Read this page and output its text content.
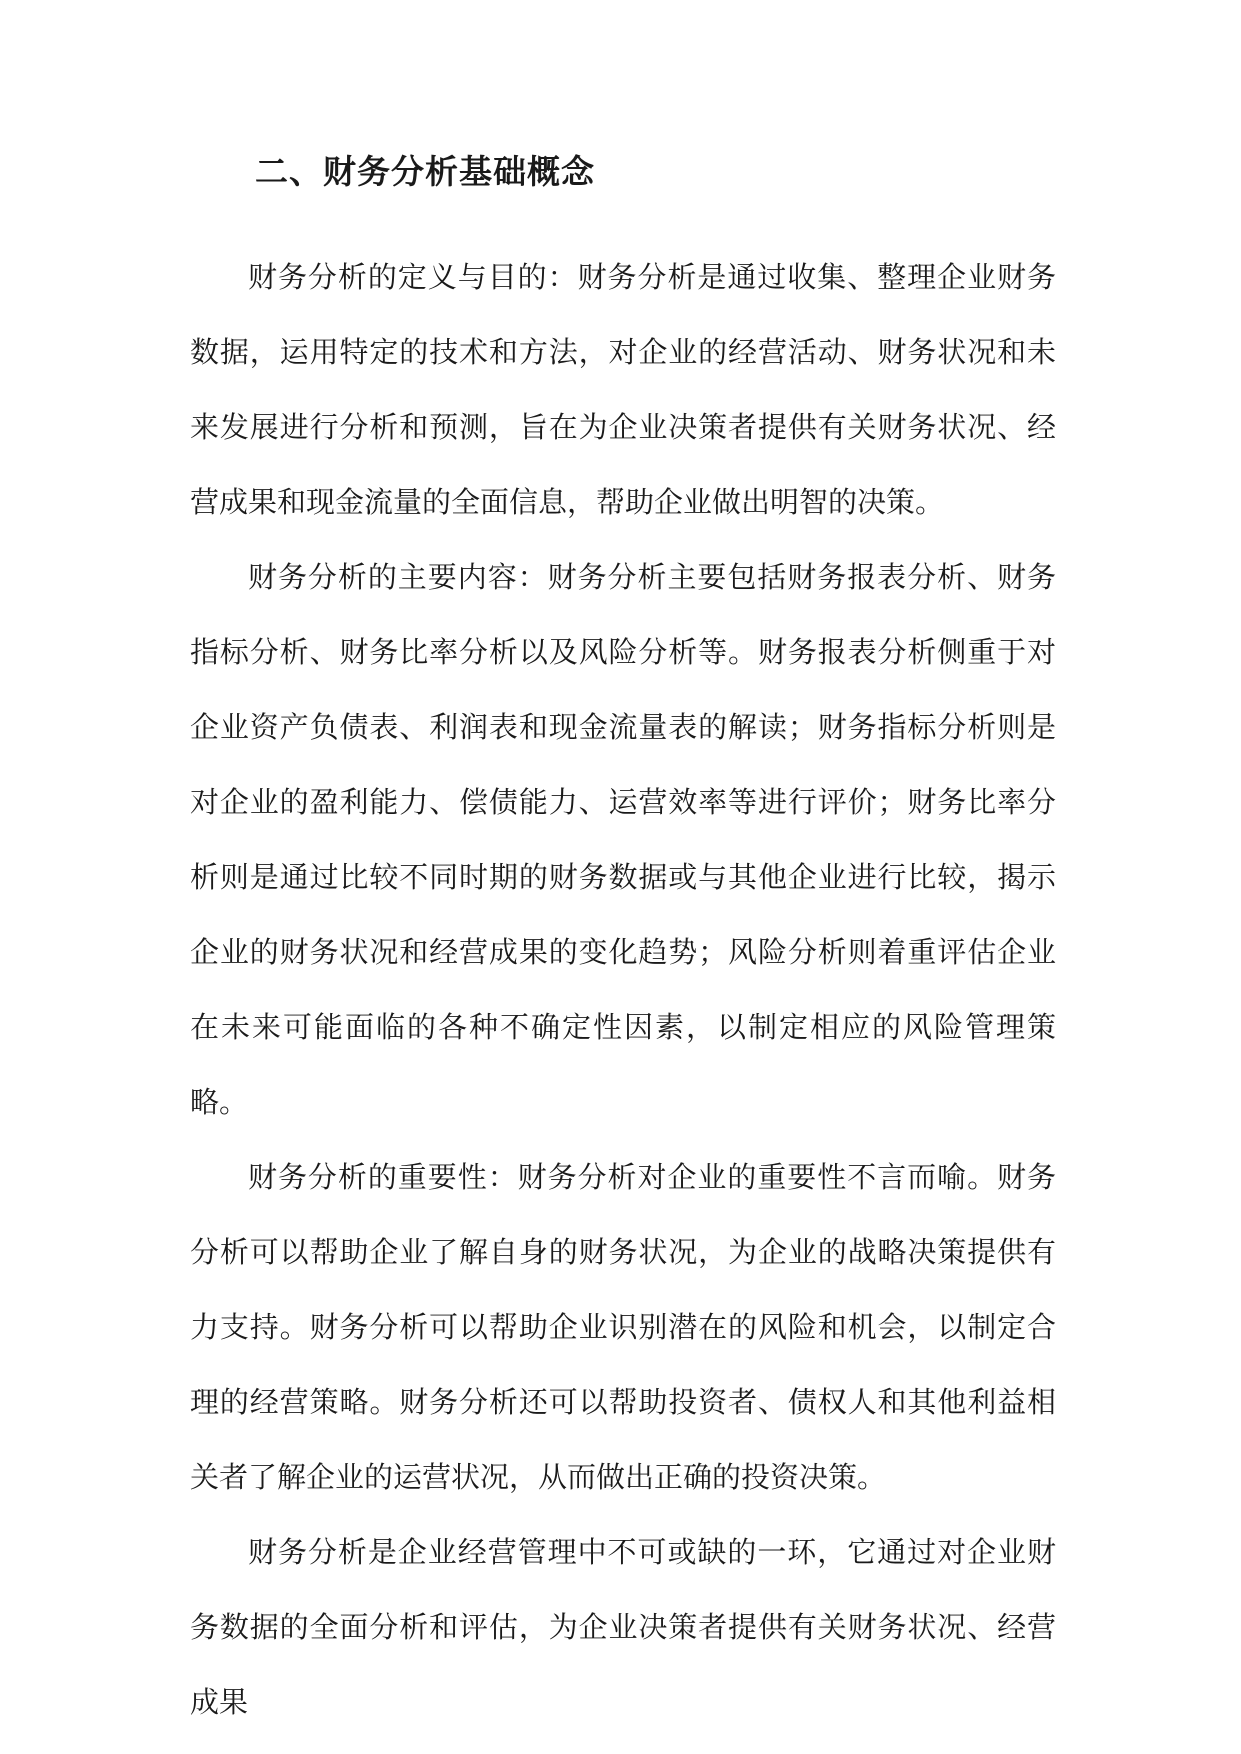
二、财务分析基础概念

财务分析的定义与目的：财务分析是通过收集、整理企业财务数据，运用特定的技术和方法，对企业的经营活动、财务状况和未来发展进行分析和预测，旨在为企业决策者提供有关财务状况、经营成果和现金流量的全面信息，帮助企业做出明智的决策。

财务分析的主要内容：财务分析主要包括财务报表分析、财务指标分析、财务比率分析以及风险分析等。财务报表分析侧重于对企业资产负债表、利润表和现金流量表的解读；财务指标分析则是对企业的盈利能力、偿债能力、运营效率等进行评价；财务比率分析则是通过比较不同时期的财务数据或与其他企业进行比较，揭示企业的财务状况和经营成果的变化趋势；风险分析则着重评估企业在未来可能面临的各种不确定性因素，以制定相应的风险管理策略。

财务分析的重要性：财务分析对企业的重要性不言而喻。财务分析可以帮助企业了解自身的财务状况，为企业的战略决策提供有力支持。财务分析可以帮助企业识别潜在的风险和机会，以制定合理的经营策略。财务分析还可以帮助投资者、债权人和其他利益相关者了解企业的运营状况，从而做出正确的投资决策。

财务分析是企业经营管理中不可或缺的一环，它通过对企业财务数据的全面分析和评估，为企业决策者提供有关财务状况、经营成果
